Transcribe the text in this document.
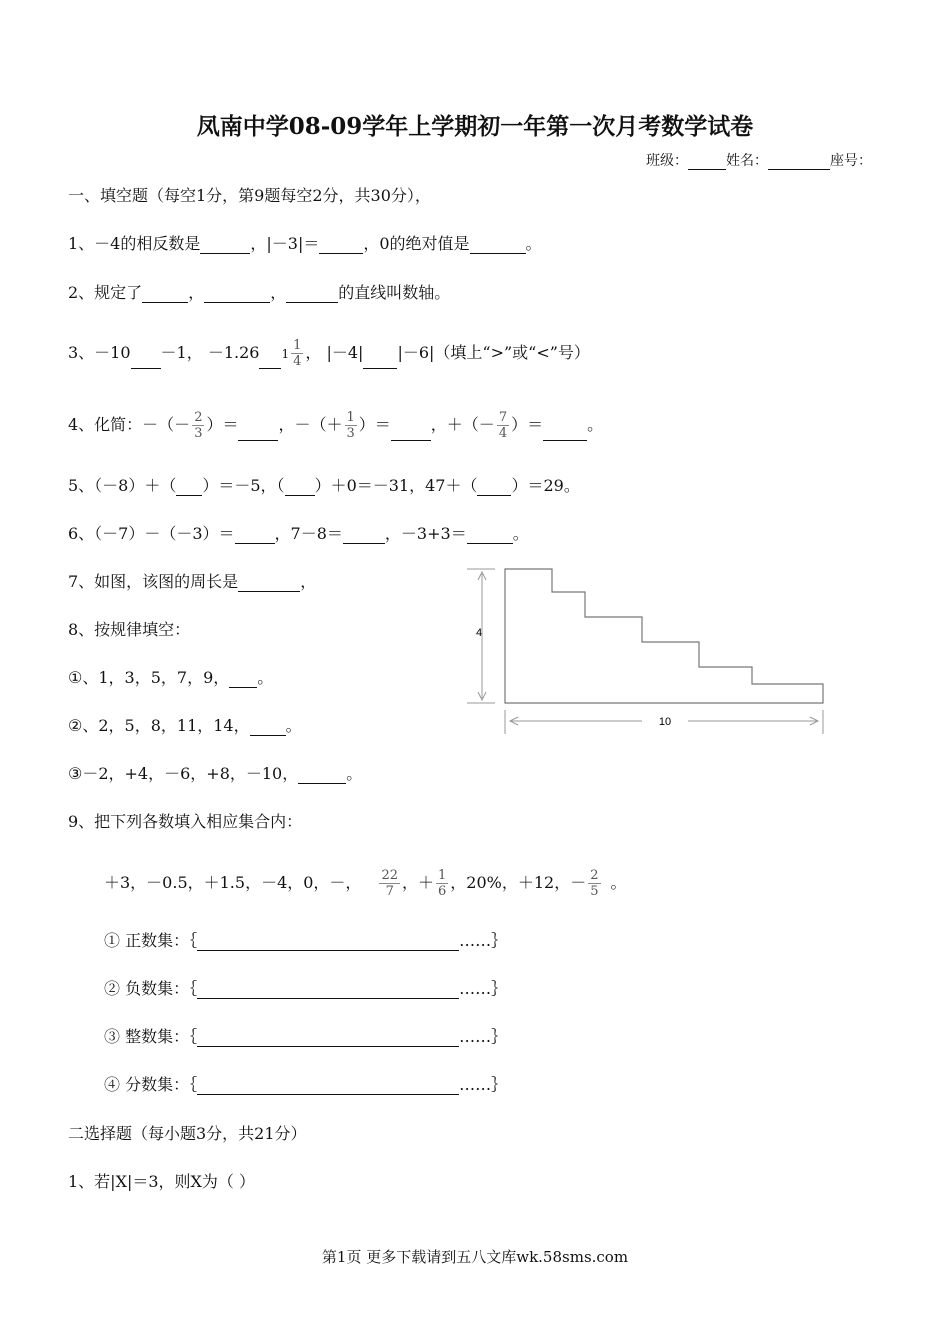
凤南中学08-09学年上学期初一年第一次月考数学试卷
班级：	姓名：	座号：
一、填空题（每空1分，第9题每空2分，共30分），
1、－4的相反数是	，|－3|＝	，0的绝对值是	。
2、规定了	，	，	的直线叫数轴。
3、－10 －1， －1.26 $1 \frac{1}{4}$ ， |－4| |－6|（填上“>”或“<”号）
4、化简：－（－ $\frac{2}{3}$ ）＝	，－（＋ $\frac{1}{3}$ ）＝	，＋（－ $\frac{7}{4}$ ）＝	。
5、（－8）＋（ ）＝－5，（ ）＋0＝－31，47＋（ ）＝29。
6、（－7）－（－3）＝	，7－8＝	，－3+3＝	。
7、如图，该图的周长是	，
4
10
8、按规律填空：
①、1，3，5，7，9， 。
②、2，5，8，11，14， 。
③－2，+4，－6，+8，－10，	。
9、把下列各数填入相应集合内：
＋3，－0.5，＋1.5，－4，0，－， $\frac{22}{7}$ ，＋ $\frac{1}{6}$ ，20%，＋12，－ $\frac{2}{5}$ 。
① 正数集：｛	……｝
② 负数集：｛	……｝
③ 整数集：｛	……｝
④ 分数集：｛	……｝
二选择题（每小题3分，共21分）
1、若|X|＝3，则X为（ ）
第1页 更多下载请到五八文库wk.58sms.com
